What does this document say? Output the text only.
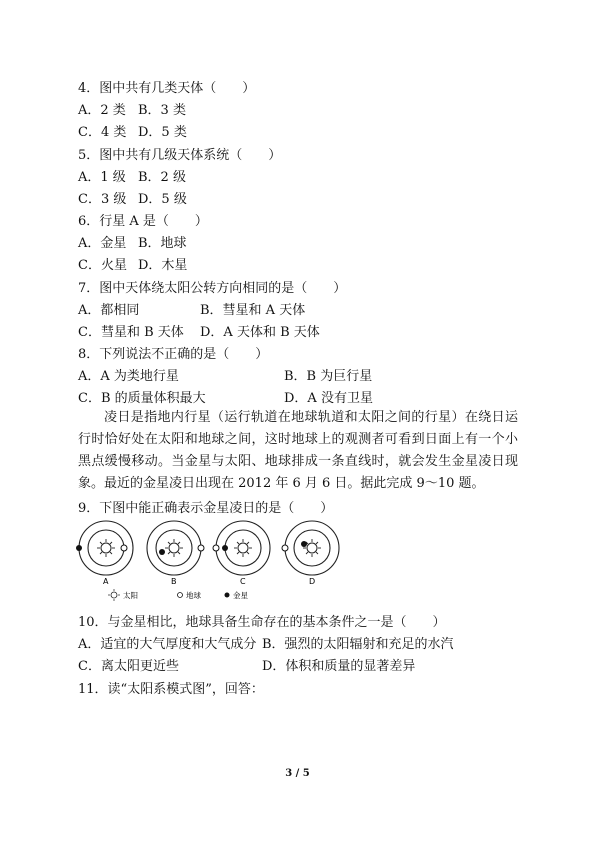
4．图中共有几类天体（　　）
A．2 类 B．3 类
C．4 类 D．5 类
5．图中共有几级天体系统（　　）
A．1 级 B．2 级
C．3 级 D．5 级
6．行星 A 是（　　）
A．金星 B．地球
C．火星 D．木星
7．图中天体绕太阳公转方向相同的是（　　）
A．都相同	B．彗星和 A 天体
C．彗星和 B 天体 D．A 天体和 B 天体
8．下列说法不正确的是（　　）
A．A 为类地行星	B．B 为巨行星
C．B 的质量体积最大	D．A 没有卫星
凌日是指地内行星（运行轨道在地球轨道和太阳之间的行星）在绕日运行时恰好处在太阳和地球之间，这时地球上的观测者可看到日面上有一个小黑点缓慢移动。当金星与太阳、地球排成一条直线时，就会发生金星凌日现象。最近的金星凌日出现在 2012 年 6 月 6 日。据此完成 9～10 题。
9．下图中能正确表示金星凌日的是（　　）
A	B	C	D
太阳	地球	金星
10．与金星相比，地球具备生命存在的基本条件之一是（　　）
A．适宜的大气厚度和大气成分 B．强烈的太阳辐射和充足的水汽
C．离太阳更近些	D．体积和质量的显著差异
11．读“太阳系模式图”，回答：
3 / 5
